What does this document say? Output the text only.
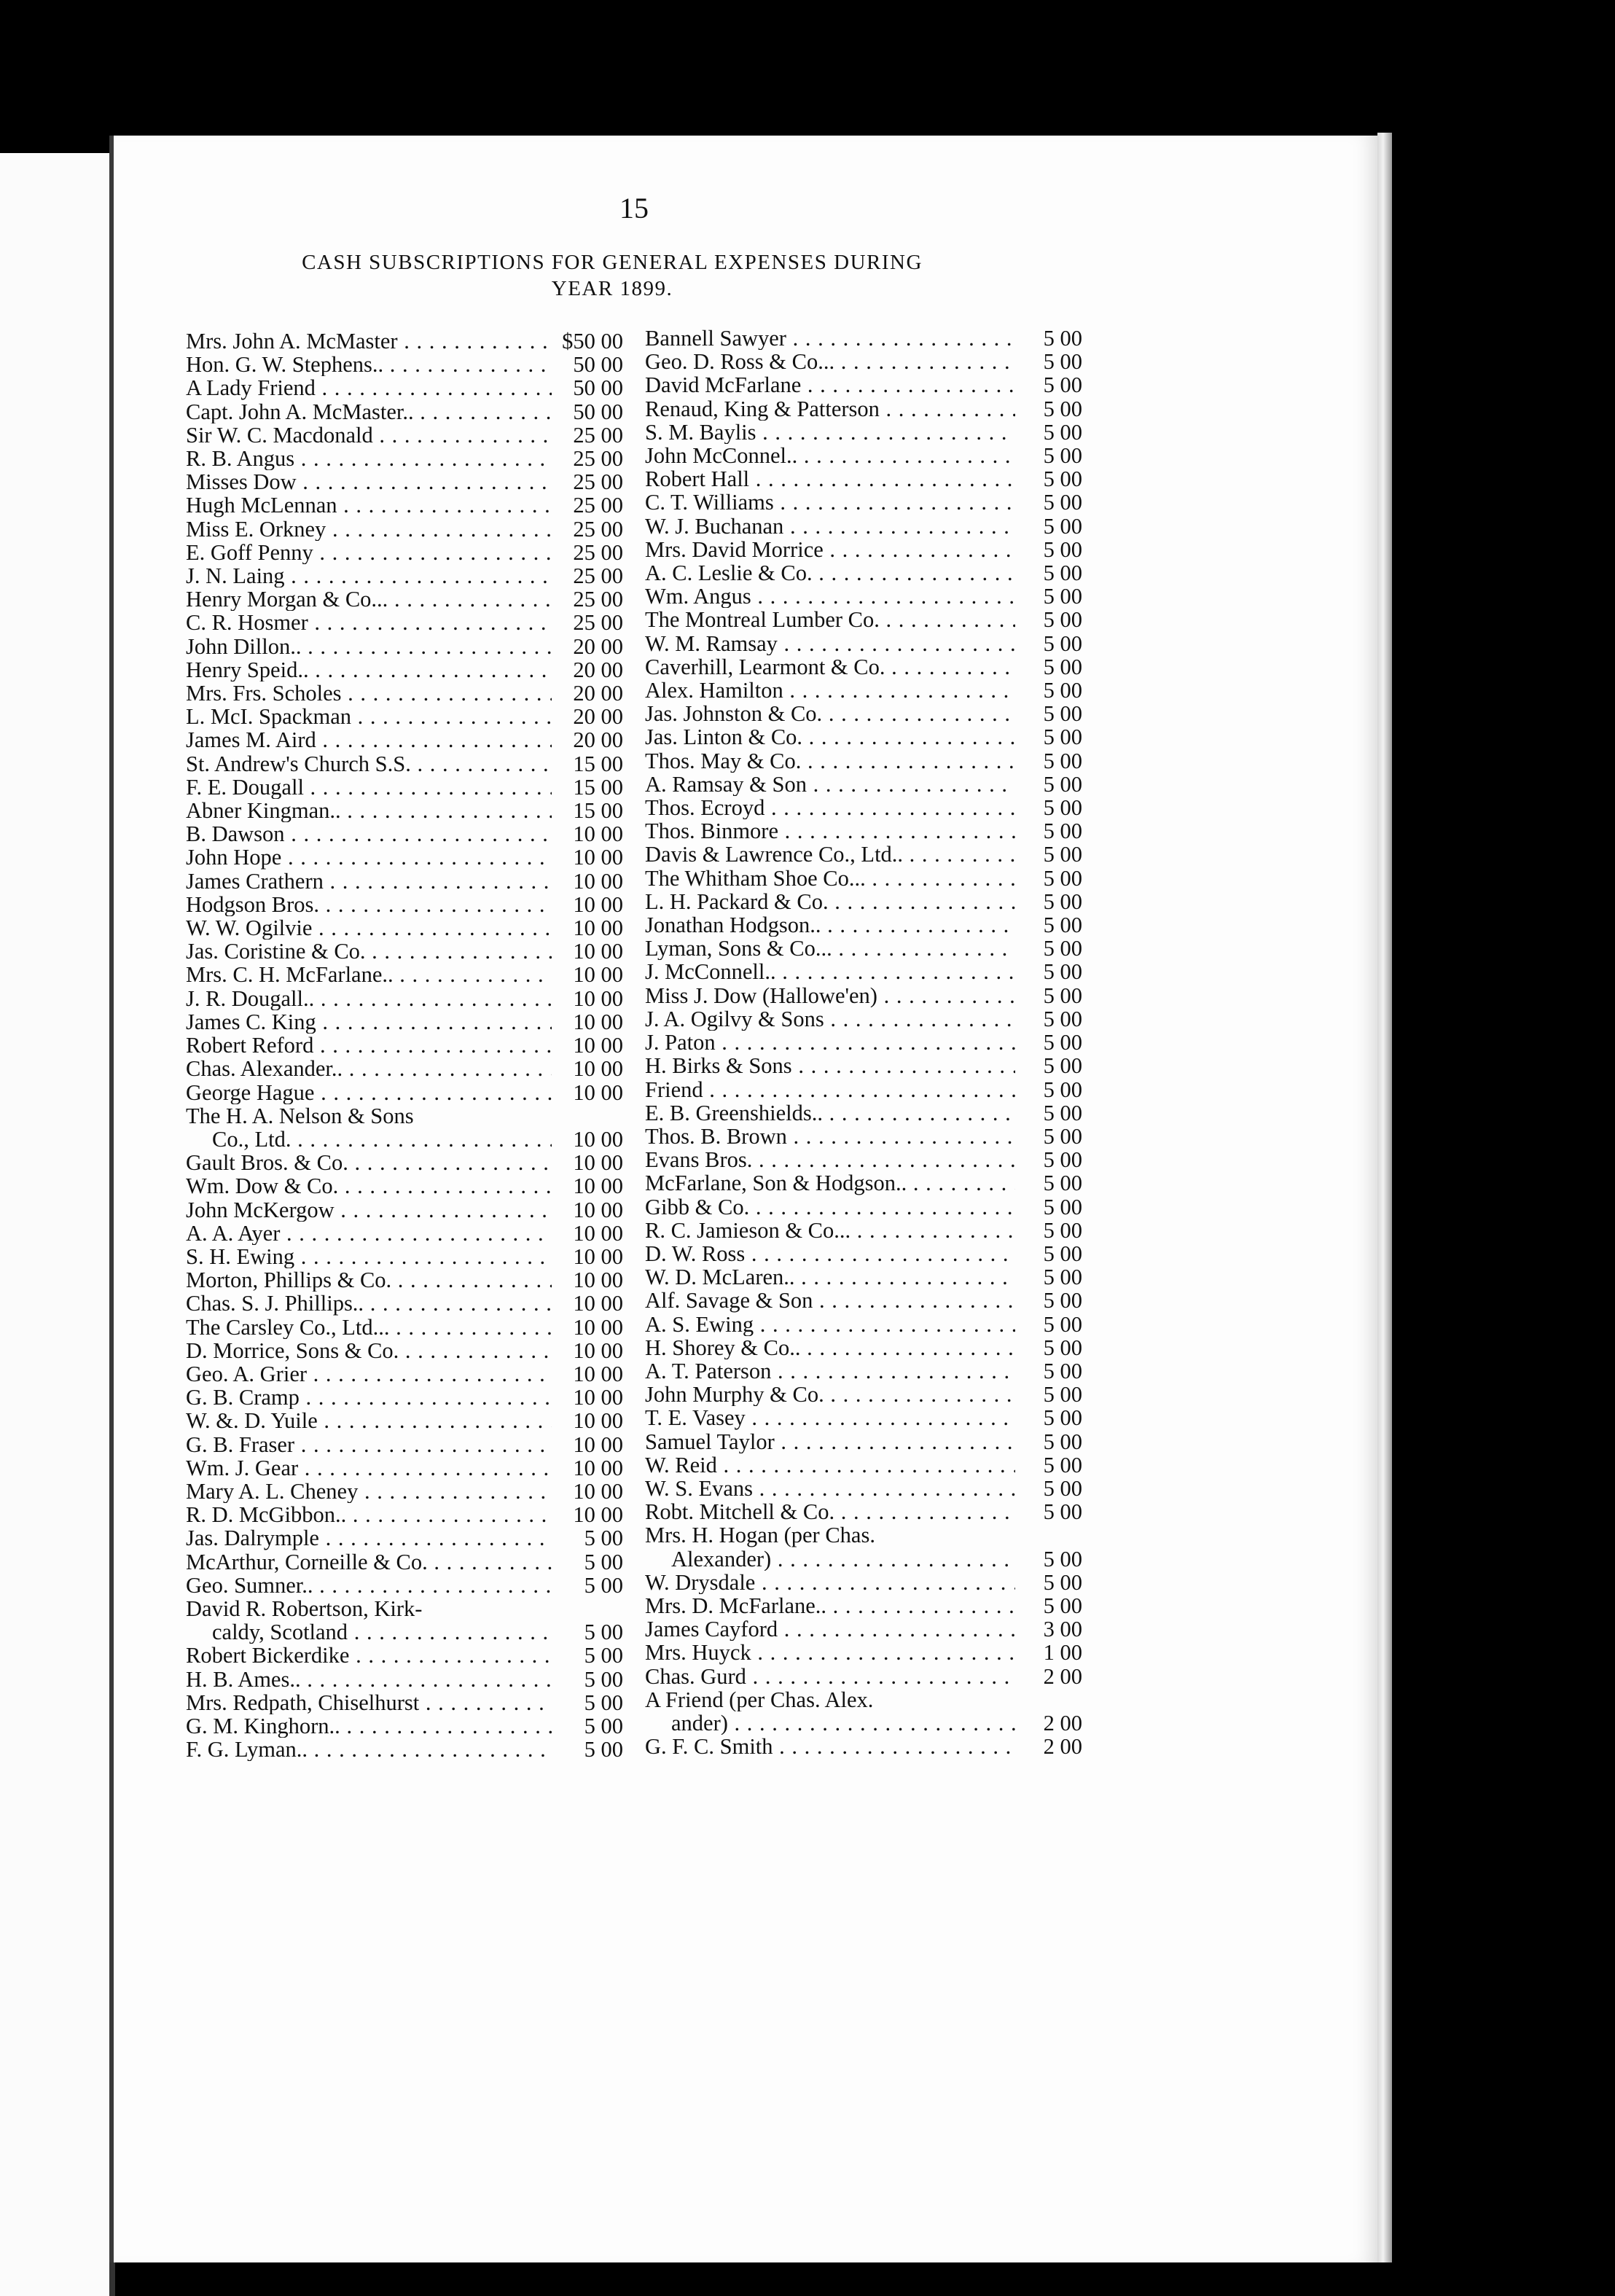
15
CASH SUBSCRIPTIONS FOR GENERAL EXPENSES DURING
YEAR 1899.
Mrs. John A. McMaster . . .	$50 00
Hon. G. W. Stephens.. . . .	50 00
A Lady Friend . . .	50 00
Capt. John A. McMaster.. . . .	50 00
Sir W. C. Macdonald . . .	25 00
R. B. Angus . . .	25 00
Misses Dow . . .	25 00
Hugh McLennan . . .	25 00
Miss E. Orkney . . .	25 00
E. Goff Penny . . .	25 00
J. N. Laing . . .	25 00
Henry Morgan & Co... . . .	25 00
C. R. Hosmer . . .	25 00
John Dillon.. . . .	20 00
Henry Speid.. . . .	20 00
Mrs. Frs. Scholes . . .	20 00
L. McI. Spackman . . .	20 00
James M. Aird . . .	20 00
St. Andrew's Church S.S. . . .	15 00
F. E. Dougall . . .	15 00
Abner Kingman.. . . .	15 00
B. Dawson . . .	10 00
John Hope . . .	10 00
James Crathern . . .	10 00
Hodgson Bros. . . .	10 00
W. W. Ogilvie . . .	10 00
Jas. Coristine & Co. . . .	10 00
Mrs. C. H. McFarlane.. . . .	10 00
J. R. Dougall.. . . .	10 00
James C. King . . .	10 00
Robert Reford . . .	10 00
Chas. Alexander.. . . .	10 00
George Hague . . .	10 00
The H. A. Nelson & Sons
Co., Ltd. . . .	10 00
Gault Bros. & Co. . . .	10 00
Wm. Dow & Co. . . .	10 00
John McKergow . . .	10 00
A. A. Ayer . . .	10 00
S. H. Ewing . . .	10 00
Morton, Phillips & Co. . . .	10 00
Chas. S. J. Phillips.. . . .	10 00
The Carsley Co., Ltd... . . .	10 00
D. Morrice, Sons & Co. . . .	10 00
Geo. A. Grier . . .	10 00
G. B. Cramp . . .	10 00
W. &. D. Yuile . . .	10 00
G. B. Fraser . . .	10 00
Wm. J. Gear . . .	10 00
Mary A. L. Cheney . . .	10 00
R. D. McGibbon.. . . .	10 00
Jas. Dalrymple . . .	5 00
McArthur, Corneille & Co. . . .	5 00
Geo. Sumner.. . . .	5 00
David R. Robertson, Kirk-
caldy, Scotland . . .	5 00
Robert Bickerdike . . .	5 00
H. B. Ames.. . . .	5 00
Mrs. Redpath, Chiselhurst . . .	5 00
G. M. Kinghorn.. . . .	5 00
F. G. Lyman.. . . .	5 00
Bannell Sawyer . . .	5 00
Geo. D. Ross & Co... . . .	5 00
David McFarlane . . .	5 00
Renaud, King & Patterson . . .	5 00
S. M. Baylis . . .	5 00
John McConnel.. . . .	5 00
Robert Hall . . .	5 00
C. T. Williams . . .	5 00
W. J. Buchanan . . .	5 00
Mrs. David Morrice . . .	5 00
A. C. Leslie & Co. . . .	5 00
Wm. Angus . . .	5 00
The Montreal Lumber Co. . . .	5 00
W. M. Ramsay . . .	5 00
Caverhill, Learmont & Co. . . .	5 00
Alex. Hamilton . . .	5 00
Jas. Johnston & Co. . . .	5 00
Jas. Linton & Co. . . .	5 00
Thos. May & Co. . . .	5 00
A. Ramsay & Son . . .	5 00
Thos. Ecroyd . . .	5 00
Thos. Binmore . . .	5 00
Davis & Lawrence Co., Ltd.. . . .	5 00
The Whitham Shoe Co... . . .	5 00
L. H. Packard & Co. . . .	5 00
Jonathan Hodgson.. . . .	5 00
Lyman, Sons & Co... . . .	5 00
J. McConnell.. . . .	5 00
Miss J. Dow (Hallowe'en) . . .	5 00
J. A. Ogilvy & Sons . . .	5 00
J. Paton . . .	5 00
H. Birks & Sons . . .	5 00
Friend . . .	5 00
E. B. Greenshields.. . . .	5 00
Thos. B. Brown . . .	5 00
Evans Bros. . . .	5 00
McFarlane, Son & Hodgson.. . . .	5 00
Gibb & Co. . . .	5 00
R. C. Jamieson & Co... . . .	5 00
D. W. Ross . . .	5 00
W. D. McLaren.. . . .	5 00
Alf. Savage & Son . . .	5 00
A. S. Ewing . . .	5 00
H. Shorey & Co.. . . .	5 00
A. T. Paterson . . .	5 00
John Murphy & Co. . . .	5 00
T. E. Vasey . . .	5 00
Samuel Taylor . . .	5 00
W. Reid . . .	5 00
W. S. Evans . . .	5 00
Robt. Mitchell & Co. . . .	5 00
Mrs. H. Hogan (per Chas.
Alexander) . . .	5 00
W. Drysdale . . .	5 00
Mrs. D. McFarlane.. . . .	5 00
James Cayford . . .	3 00
Mrs. Huyck . . .	1 00
Chas. Gurd . . .	2 00
A Friend (per Chas. Alex.
ander) . . .	2 00
G. F. C. Smith . . .	2 00
